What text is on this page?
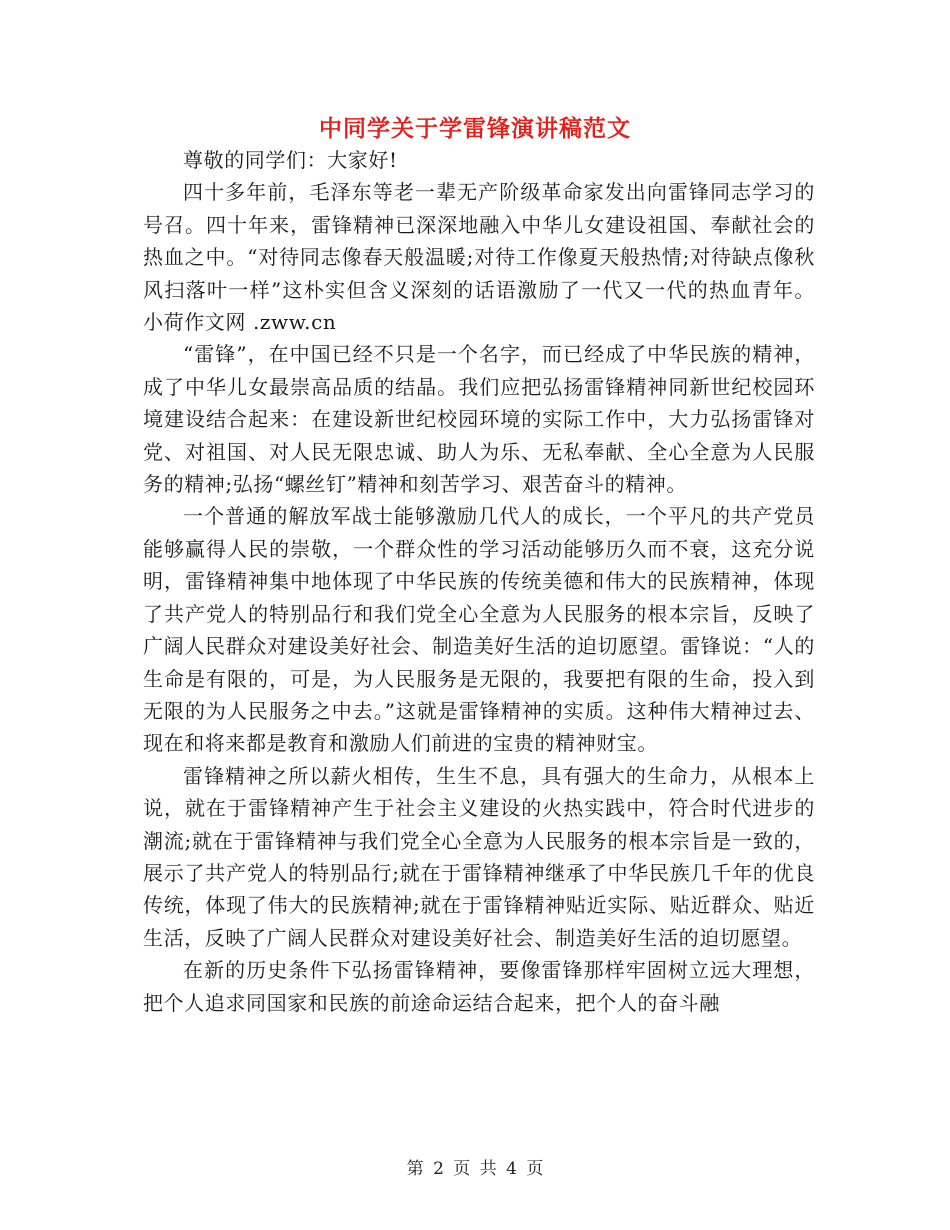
中同学关于学雷锋演讲稿范文

尊敬的同学们：大家好!

四十多年前，毛泽东等老一辈无产阶级革命家发出向雷锋同志学习的号召。四十年来，雷锋精神已深深地融入中华儿女建设祖国、奉献社会的热血之中。“对待同志像春天般温暖;对待工作像夏天般热情;对待缺点像秋风扫落叶一样”这朴实但含义深刻的话语激励了一代又一代的热血青年。 小荷作文网 .zww.cn

“雷锋”，在中国已经不只是一个名字，而已经成了中华民族的精神，成了中华儿女最崇高品质的结晶。我们应把弘扬雷锋精神同新世纪校园环境建设结合起来：在建设新世纪校园环境的实际工作中，大力弘扬雷锋对党、对祖国、对人民无限忠诚、助人为乐、无私奉献、全心全意为人民服务的精神;弘扬“螺丝钉”精神和刻苦学习、艰苦奋斗的精神。

一个普通的解放军战士能够激励几代人的成长，一个平凡的共产党员能够赢得人民的崇敬，一个群众性的学习活动能够历久而不衰，这充分说明，雷锋精神集中地体现了中华民族的传统美德和伟大的民族精神，体现了共产党人的特别品行和我们党全心全意为人民服务的根本宗旨，反映了广阔人民群众对建设美好社会、制造美好生活的迫切愿望。雷锋说：“人的生命是有限的，可是，为人民服务是无限的，我要把有限的生命，投入到无限的为人民服务之中去。”这就是雷锋精神的实质。这种伟大精神过去、现在和将来都是教育和激励人们前进的宝贵的精神财宝。

雷锋精神之所以薪火相传，生生不息，具有强大的生命力，从根本上说，就在于雷锋精神产生于社会主义建设的火热实践中，符合时代进步的潮流;就在于雷锋精神与我们党全心全意为人民服务的根本宗旨是一致的，展示了共产党人的特别品行;就在于雷锋精神继承了中华民族几千年的优良传统，体现了伟大的民族精神;就在于雷锋精神贴近实际、贴近群众、贴近生活，反映了广阔人民群众对建设美好社会、制造美好生活的迫切愿望。

在新的历史条件下弘扬雷锋精神，要像雷锋那样牢固树立远大理想，把个人追求同国家和民族的前途命运结合起来，把个人的奋斗融

第 2 页 共 4 页
